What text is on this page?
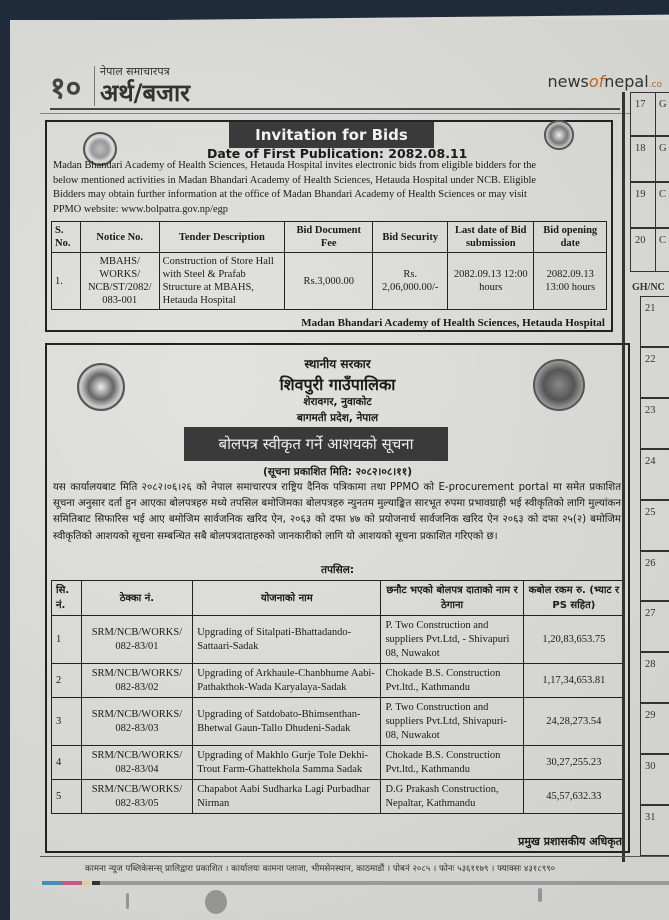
१० नेपाल समाचारपत्र
अर्थ/बजार	newsofnepal.co
Invitation for Bids
Date of First Publication: 2082.08.11
Madan Bhandari Academy of Health Sciences, Hetauda Hospital invites electronic bids from eligible bidders for the
below mentioned activities in Madan Bhandari Academy of Health Sciences, Hetauda Hospital under NCB. Eligible
Bidders may obtain further information at the office of Madan Bhandari Academy of Health Sciences or may visit
PPMO website: www.bolpatra.gov.np/egp
S. No.	Notice No.	Tender Description	Bid Document Fee	Bid Security	Last date of Bid submission	Bid opening date
1.	MBAHS/ WORKS/ NCB/ST/2082/ 083-001	Construction of Store Hall with Steel & Prafab Structure at MBAHS, Hetauda Hospital	Rs.3,000.00	Rs. 2,06,000.00/-	2082.09.13 12:00 hours	2082.09.13 13:00 hours
Madan Bhandari Academy of Health Sciences, Hetauda Hospital
स्थानीय सरकार
शिवपुरी गाउँपालिका
शेरावगर, नुवाकोट
बागमती प्रदेश, नेपाल
बोलपत्र स्वीकृत गर्ने आशयको सूचना
(सूचना प्रकाशित मिति: २०८२।०८।११)
यस कार्यालयबाट मिति २०८२।०६।२६ को नेपाल समाचारपत्र राष्ट्रिय दैनिक पत्रिकामा तथा PPMO को E-procurement portal मा समेत प्रकाशित सूचना अनुसार दर्ता हुन आएका बोलपत्रहरु मध्ये तपसिल बमोजिमका बोलपत्रहरु न्युनतम मुल्याङ्कित सारभूत रुपमा प्रभावग्राही भई स्वीकृतिको लागि मुल्यांकन समितिबाट सिफारिस भई आए बमोजिम सार्वजनिक खरिद ऐन, २०६३ को दफा ४७ को प्रयोजनार्थ सार्वजनिक खरिद ऐन २०६३ को दफा २५(२) बमोजिम स्वीकृतिको आशयको सूचना सम्बन्धित सबै बोलपत्रदाताहरुको जानकारीको लागि यो आशयको सूचना प्रकाशित गरिएको छ।
तपसिल:
सि. नं.	ठेक्का नं.	योजनाको नाम	छनौट भएको बोलपत्र दाताको नाम र ठेगाना	कबोल रकम रु. (भ्याट र PS सहित)
1	SRM/NCB/WORKS/ 082-83/01	Upgrading of Sitalpati-Bhattadando-Sattaari-Sadak	P. Two Construction and suppliers Pvt.Ltd, - Shivapuri 08, Nuwakot	1,20,83,653.75
2	SRM/NCB/WORKS/ 082-83/02	Upgrading of Arkhaule-Chanbhume Aabi-Pathakthok-Wada Karyalaya-Sadak	Chokade B.S. Construction Pvt.ltd., Kathmandu	1,17,34,653.81
3	SRM/NCB/WORKS/ 082-83/03	Upgrading of Satdobato-Bhimsenthan-Bhetwal Gaun-Tallo Dhudeni-Sadak	P. Two Construction and suppliers Pvt.Ltd, Shivapuri-08, Nuwakot	24,28,273.54
4	SRM/NCB/WORKS/ 082-83/04	Upgrading of Makhlo Gurje Tole Dekhi-Trout Farm-Ghattekhola Samma Sadak	Chokade B.S. Construction Pvt.ltd., Kathmandu	30,27,255.23
5	SRM/NCB/WORKS/ 082-83/05	Chapabot Aabi Sudharka Lagi Purbadhar Nirman	D.G Prakash Construction, Nepaltar, Kathmandu	45,57,632.33
प्रमुख प्रशासकीय अधिकृत
17 G
18 G
19 C
20 C
GH/NC
21
22
23
24
25
26
27
28
29
30
31
कामना न्यूज पब्लिकेसन्स् प्रालिद्वारा प्रकाशित । कार्यालयः कामना प्लाजा, भीमसेनस्थान, काठमाडौं । पोबनं २०८५ । फोनः ५३६११७९ । फ्याक्सः ४३१८९९०
